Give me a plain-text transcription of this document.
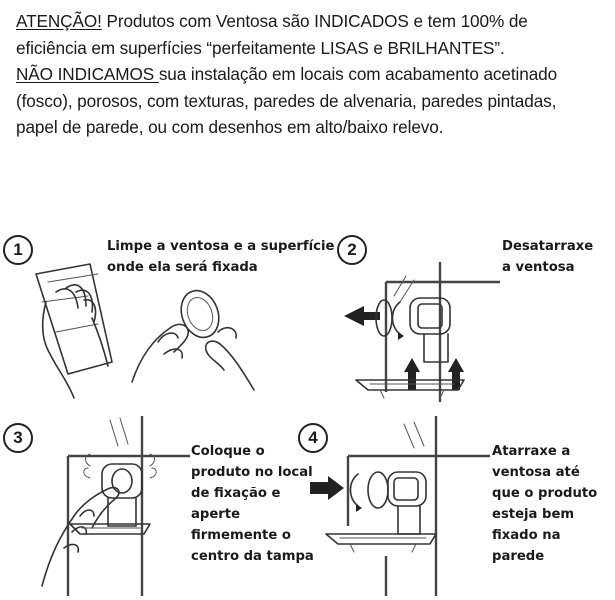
ATENÇÃO! Produtos com Ventosa são INDICADOS e tem 100% de
eficiência em superfícies “perfeitamente LISAS e BRILHANTES”.
NÃO INDICAMOS sua instalação em locais com acabamento acetinado
(fosco), porosos, com texturas, paredes de alvenaria, paredes pintadas,
papel de parede, ou com desenhos em alto/baixo relevo.
1	Limpe a ventosa e a superfície
onde ela será fixada
2	Desatarraxe
a ventosa
3
Coloque o
produto no local
de fixação e
aperte
firmemente o
centro da tampa
4
Atarraxe a
ventosa até
que o produto
esteja bem
fixado na
parede
